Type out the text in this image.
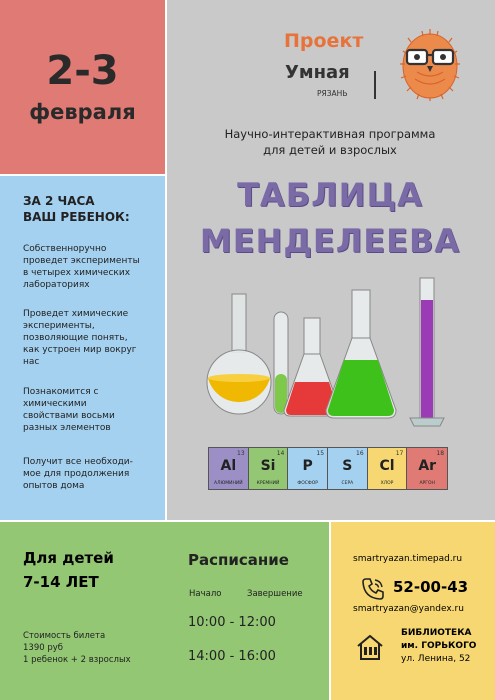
2-3
февраля
ЗА 2 ЧАСА
ВАШ РЕБЕНОК:
Собственноручно
проведет эксперименты
в четырех химических
лабораториях
Проведет химические
эксперименты,
позволяющие понять,
как устроен мир вокруг
нас
Познакомится с
химическими
свойствами восьми
разных элементов
Получит все необходи-
мое для продолжения
опытов дома
Проект
Умная
РЯЗАНЬ
Научно-интерактивная программа
для детей и взрослых
ТАБЛИЦА
МЕНДЕЛЕЕВА
13
Al
АЛЮМИНИЙ
14
Si
КРЕМНИЙ
15
P
ФОСФОР
16
S
СЕРА
17
Cl
ХЛОР
18
Ar
АРГОН
Для детей
7-14 ЛЕТ
Стоимость билета
1390 руб
1 ребенок + 2 взрослых
Расписание
Начало	Завершение
10:00 - 12:00
14:00 - 16:00
smartryazan.timepad.ru
52-00-43
smartryazan@yandex.ru
БИБЛИОТЕКА
им. ГОРЬКОГО
ул. Ленина, 52
